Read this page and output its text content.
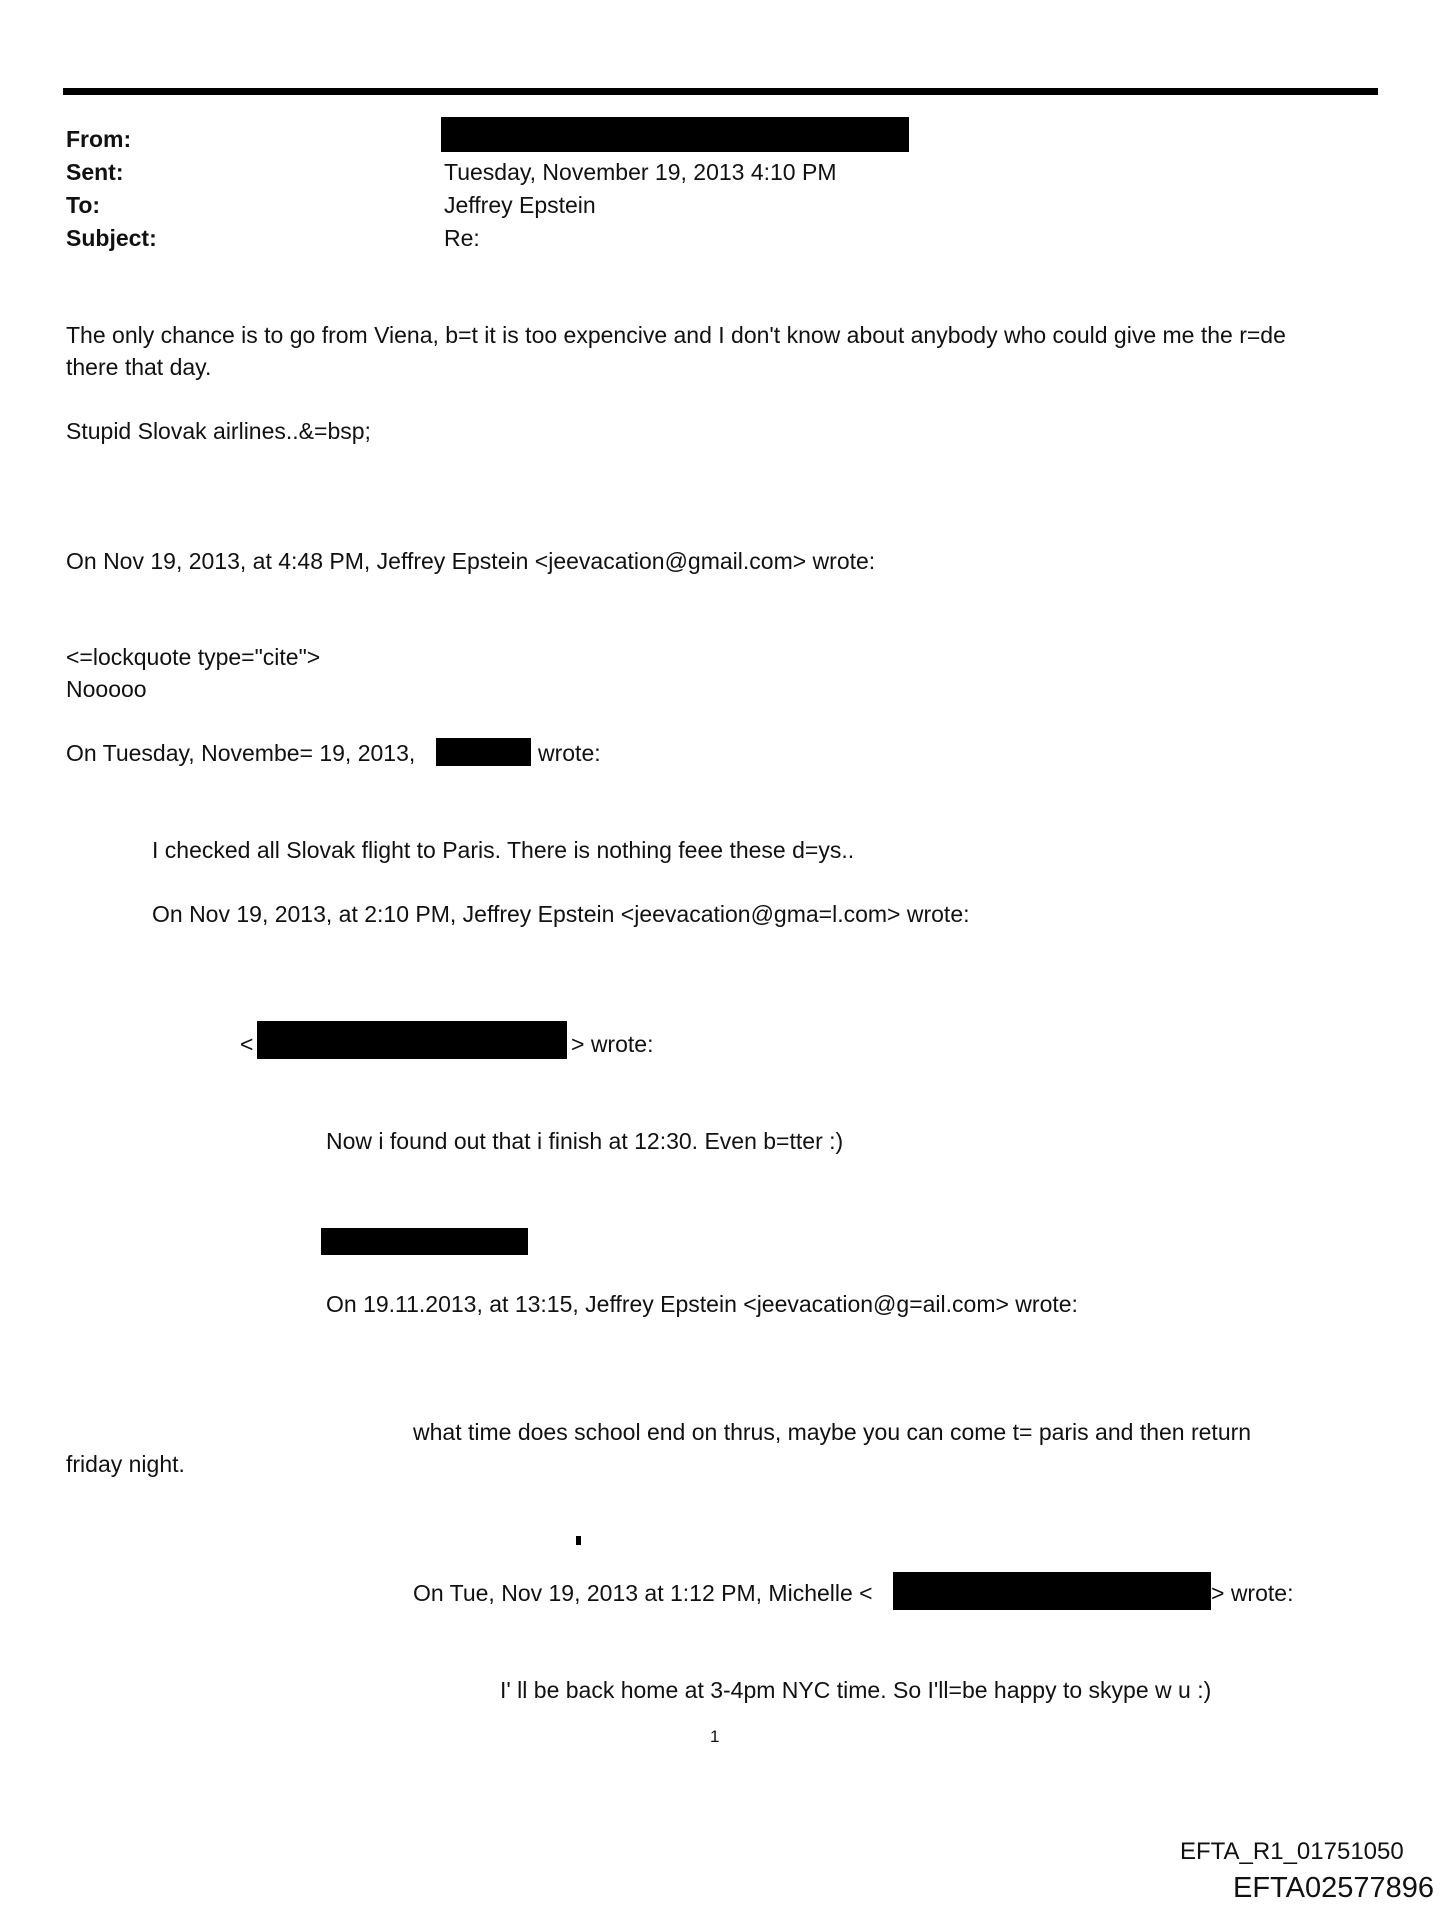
From:
Sent:	Tuesday, November 19, 2013 4:10 PM
To:	Jeffrey Epstein
Subject:	Re:
The only chance is to go from Viena, b=t it is too expencive and I don't know about anybody who could give me the r=de
there that day.
Stupid Slovak airlines..&=bsp;
On Nov 19, 2013, at 4:48 PM, Jeffrey Epstein <jeevacation@gmail.com> wrote:
<=lockquote type="cite">
Nooooo
On Tuesday, Novembe= 19, 2013,	wrote:
I checked all Slovak flight to Paris. There is nothing feee these d=ys..
On Nov 19, 2013, at 2:10 PM, Jeffrey Epstein <jeevacation@gma=l.com> wrote:
<	> wrote:
Now i found out that i finish at 12:30. Even b=tter :)
On 19.11.2013, at 13:15, Jeffrey Epstein <jeevacation@g=ail.com> wrote:
what time does school end on thrus, maybe you can come t= paris and then return
friday night.
On Tue, Nov 19, 2013 at 1:12 PM, Michelle <	> wrote:
I' ll be back home at 3-4pm NYC time. So I'll=be happy to skype w u :)
1
EFTA_R1_01751050
EFTA02577896
